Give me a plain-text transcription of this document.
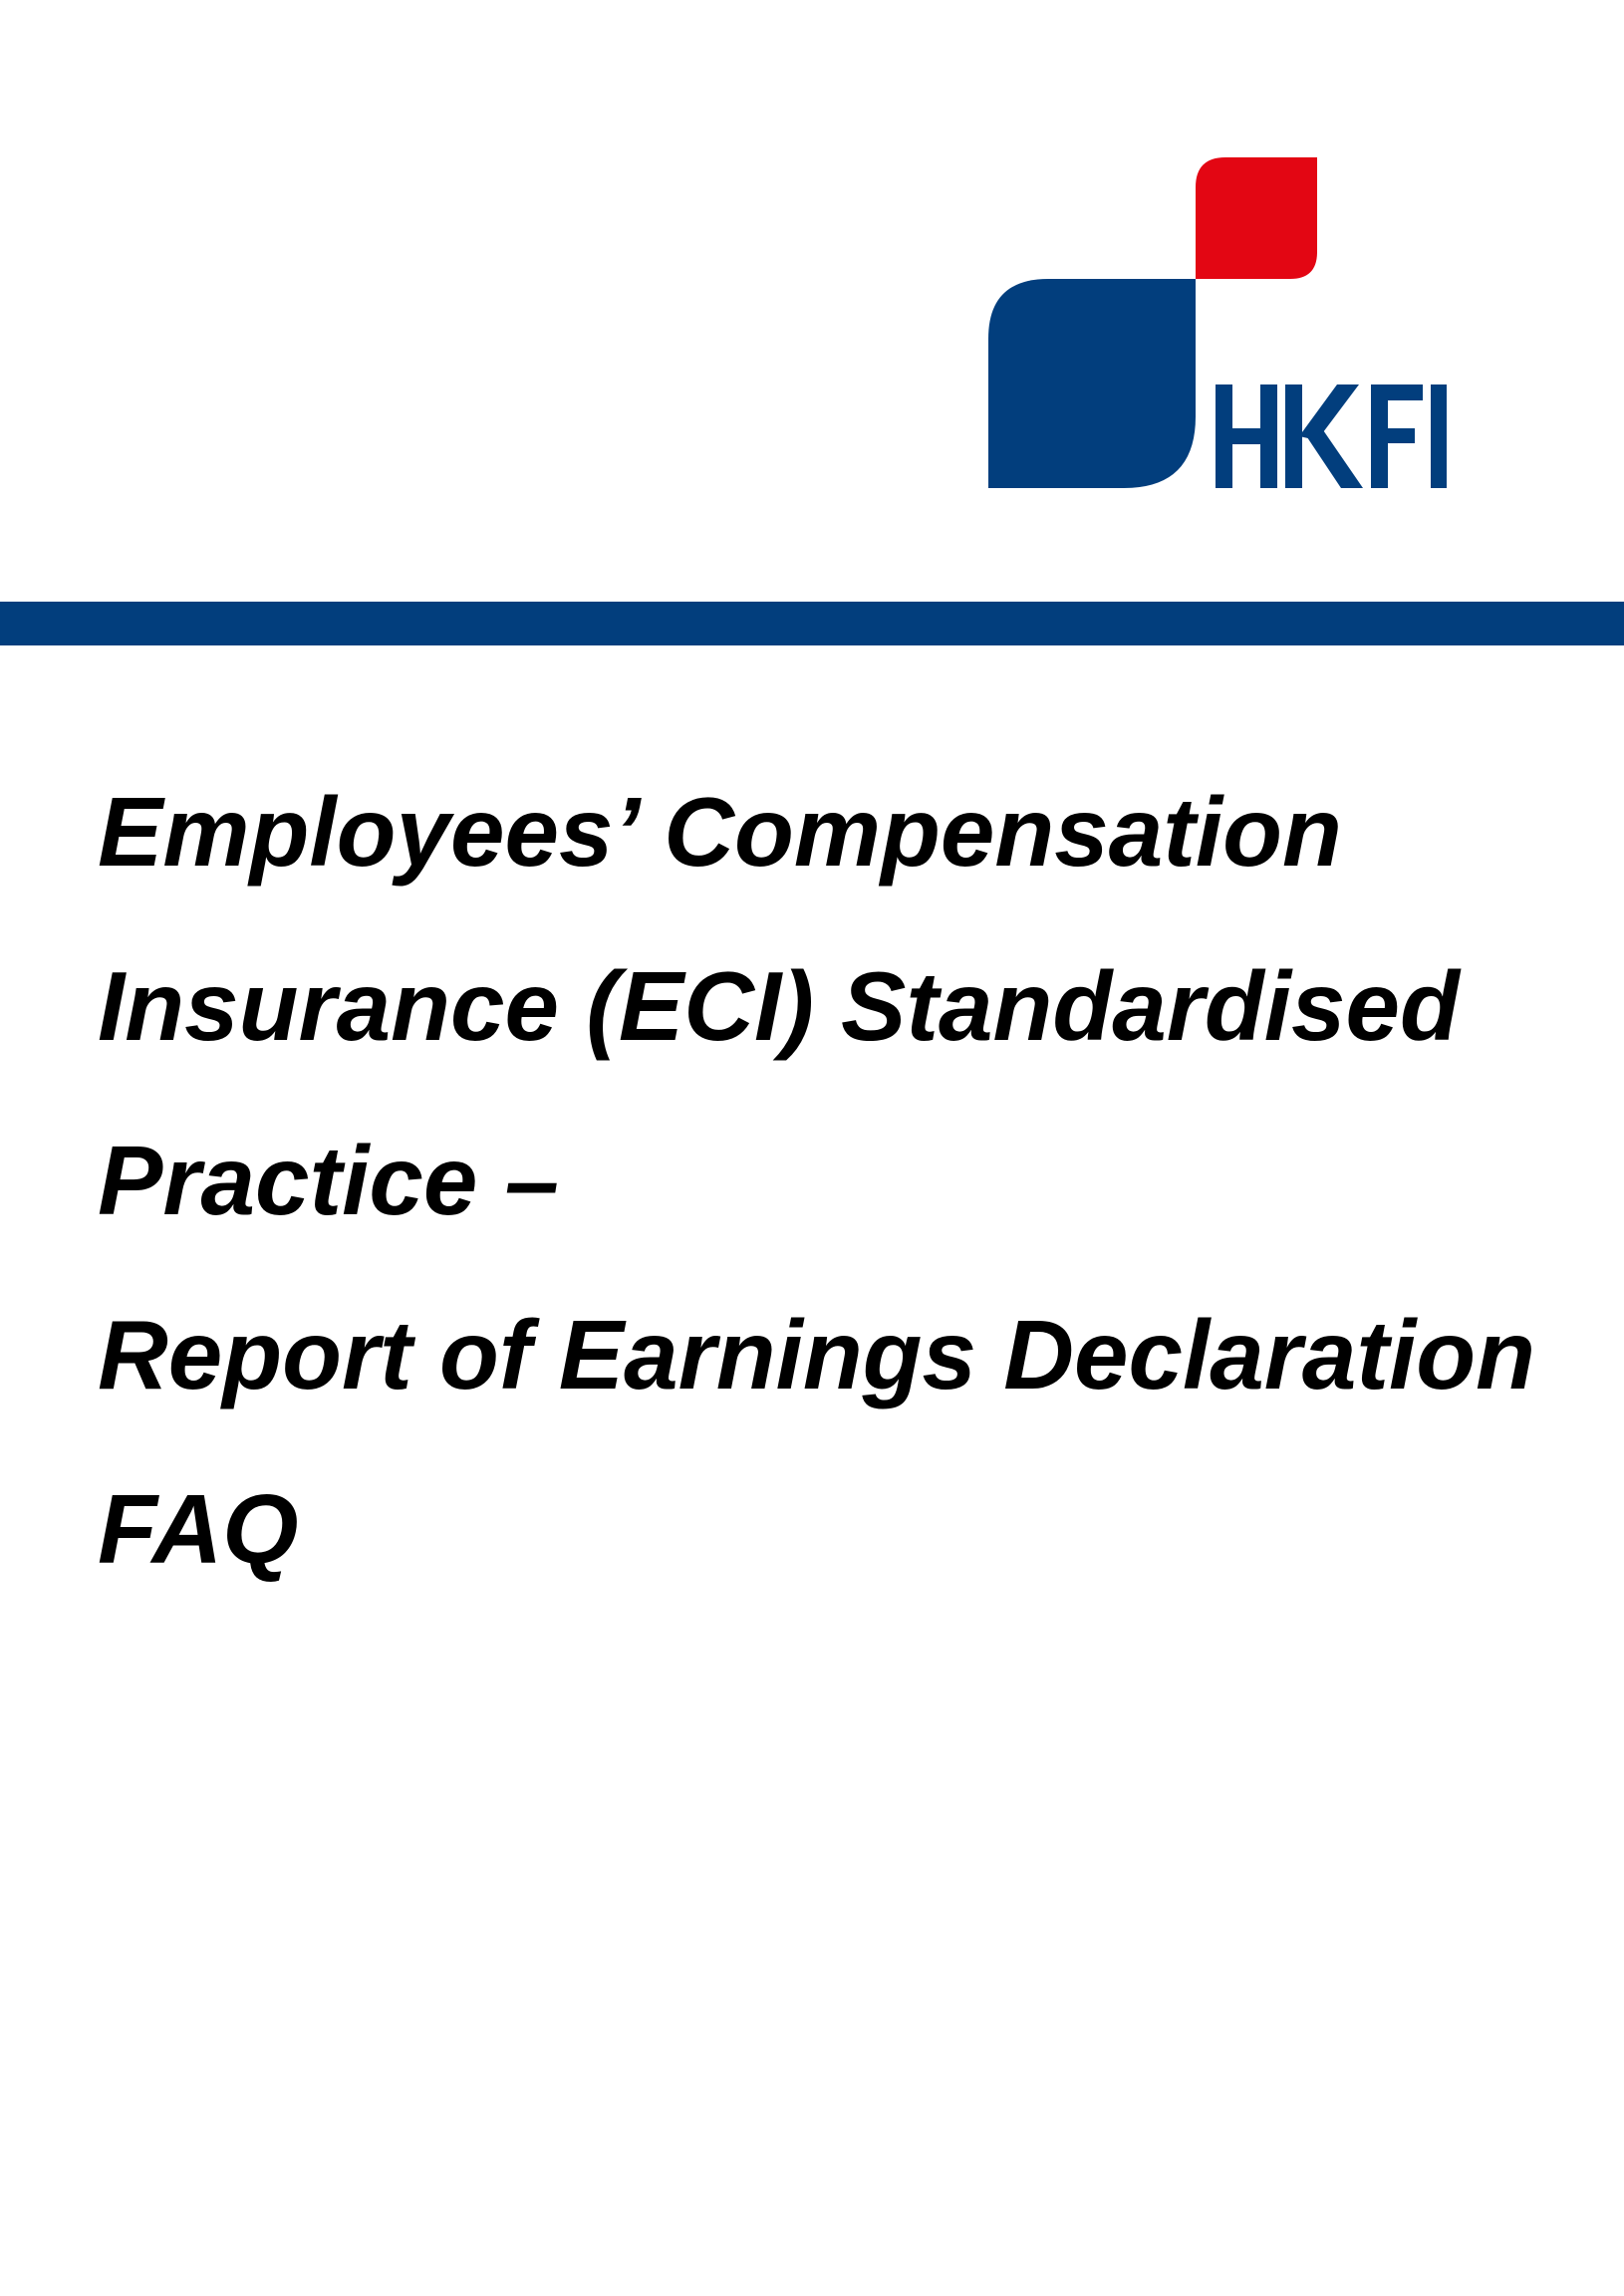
Employees’ Compensation

Insurance (ECI) Standardised

Practice –

Report of Earnings Declaration

FAQ
